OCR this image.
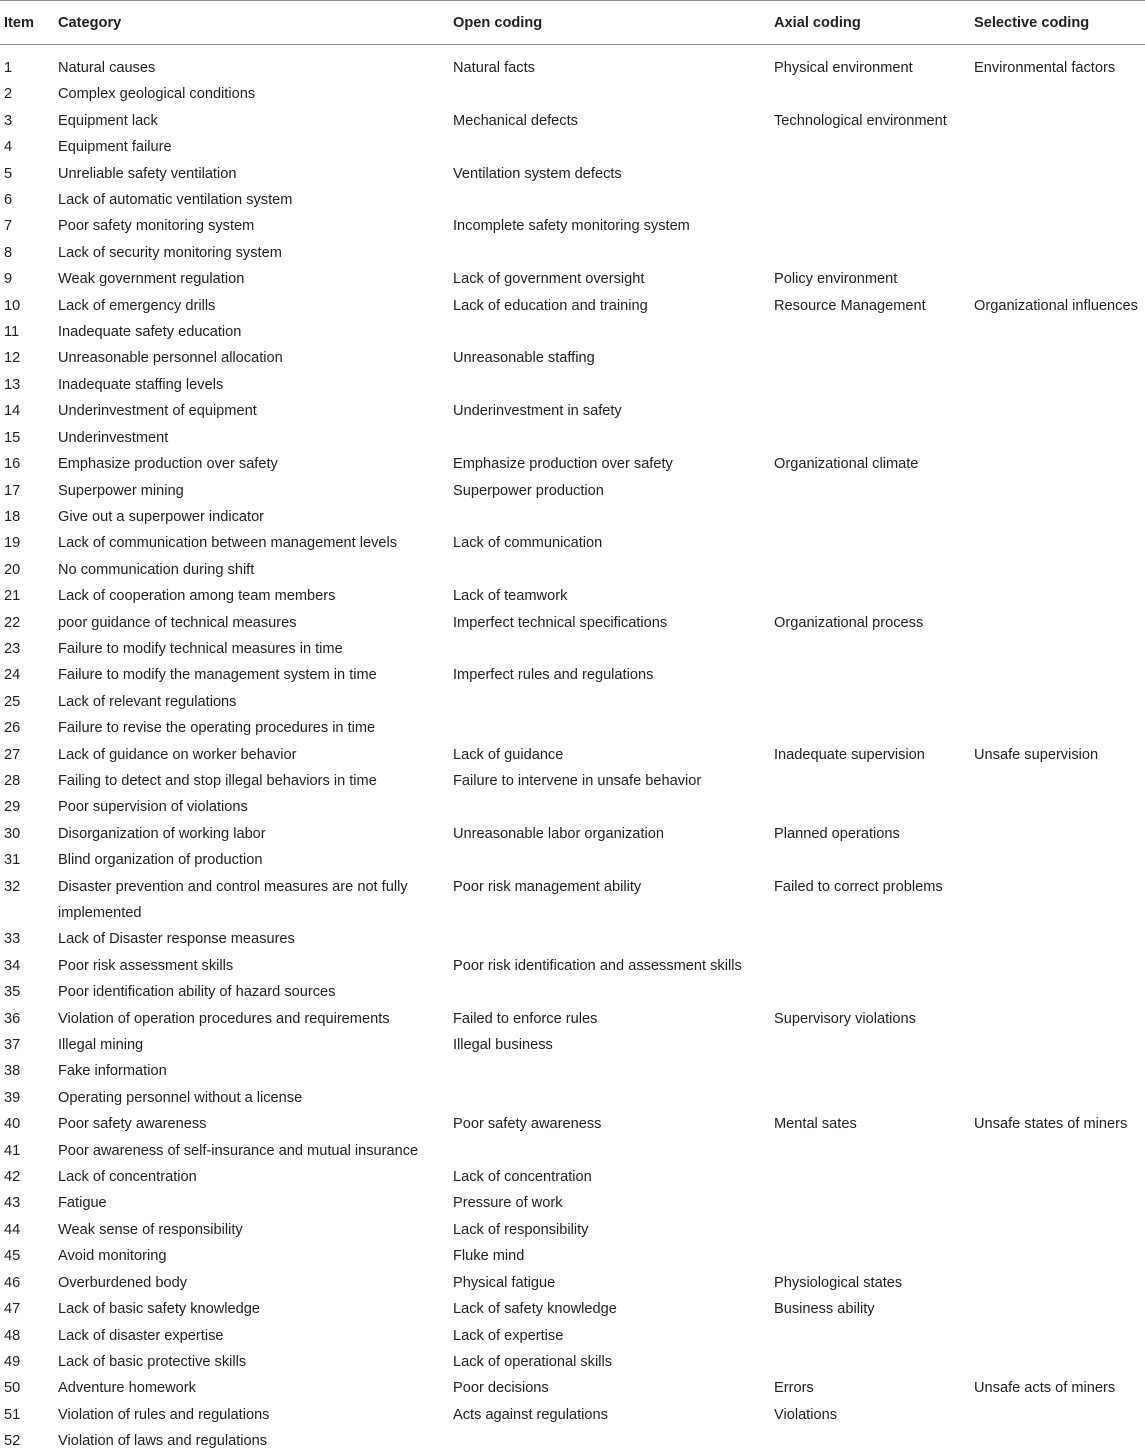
Item	Category	Open coding	Axial coding	Selective coding
1	Natural causes	Natural facts	Physical environment	Environmental factors
2	Complex geological conditions			
3	Equipment lack	Mechanical defects	Technological environment	
4	Equipment failure			
5	Unreliable safety ventilation	Ventilation system defects		
6	Lack of automatic ventilation system			
7	Poor safety monitoring system	Incomplete safety monitoring system		
8	Lack of security monitoring system			
9	Weak government regulation	Lack of government oversight	Policy environment	
10	Lack of emergency drills	Lack of education and training	Resource Management	Organizational influences
11	Inadequate safety education			
12	Unreasonable personnel allocation	Unreasonable staffing		
13	Inadequate staffing levels			
14	Underinvestment of equipment	Underinvestment in safety		
15	Underinvestment			
16	Emphasize production over safety	Emphasize production over safety	Organizational climate	
17	Superpower mining	Superpower production		
18	Give out a superpower indicator			
19	Lack of communication between management levels	Lack of communication		
20	No communication during shift			
21	Lack of cooperation among team members	Lack of teamwork		
22	poor guidance of technical measures	Imperfect technical specifications	Organizational process	
23	Failure to modify technical measures in time			
24	Failure to modify the management system in time	Imperfect rules and regulations		
25	Lack of relevant regulations			
26	Failure to revise the operating procedures in time			
27	Lack of guidance on worker behavior	Lack of guidance	Inadequate supervision	Unsafe supervision
28	Failing to detect and stop illegal behaviors in time	Failure to intervene in unsafe behavior		
29	Poor supervision of violations			
30	Disorganization of working labor	Unreasonable labor organization	Planned operations	
31	Blind organization of production			
32	Disaster prevention and control measures are not fully implemented	Poor risk management ability	Failed to correct problems	
33	Lack of Disaster response measures			
34	Poor risk assessment skills	Poor risk identification and assessment skills		
35	Poor identification ability of hazard sources			
36	Violation of operation procedures and requirements	Failed to enforce rules	Supervisory violations	
37	Illegal mining	Illegal business		
38	Fake information			
39	Operating personnel without a license			
40	Poor safety awareness	Poor safety awareness	Mental sates	Unsafe states of miners
41	Poor awareness of self-insurance and mutual insurance			
42	Lack of concentration	Lack of concentration		
43	Fatigue	Pressure of work		
44	Weak sense of responsibility	Lack of responsibility		
45	Avoid monitoring	Fluke mind		
46	Overburdened body	Physical fatigue	Physiological states	
47	Lack of basic safety knowledge	Lack of safety knowledge	Business ability	
48	Lack of disaster expertise	Lack of expertise		
49	Lack of basic protective skills	Lack of operational skills		
50	Adventure homework	Poor decisions	Errors	Unsafe acts of miners
51	Violation of rules and regulations	Acts against regulations	Violations	
52	Violation of laws and regulations			
